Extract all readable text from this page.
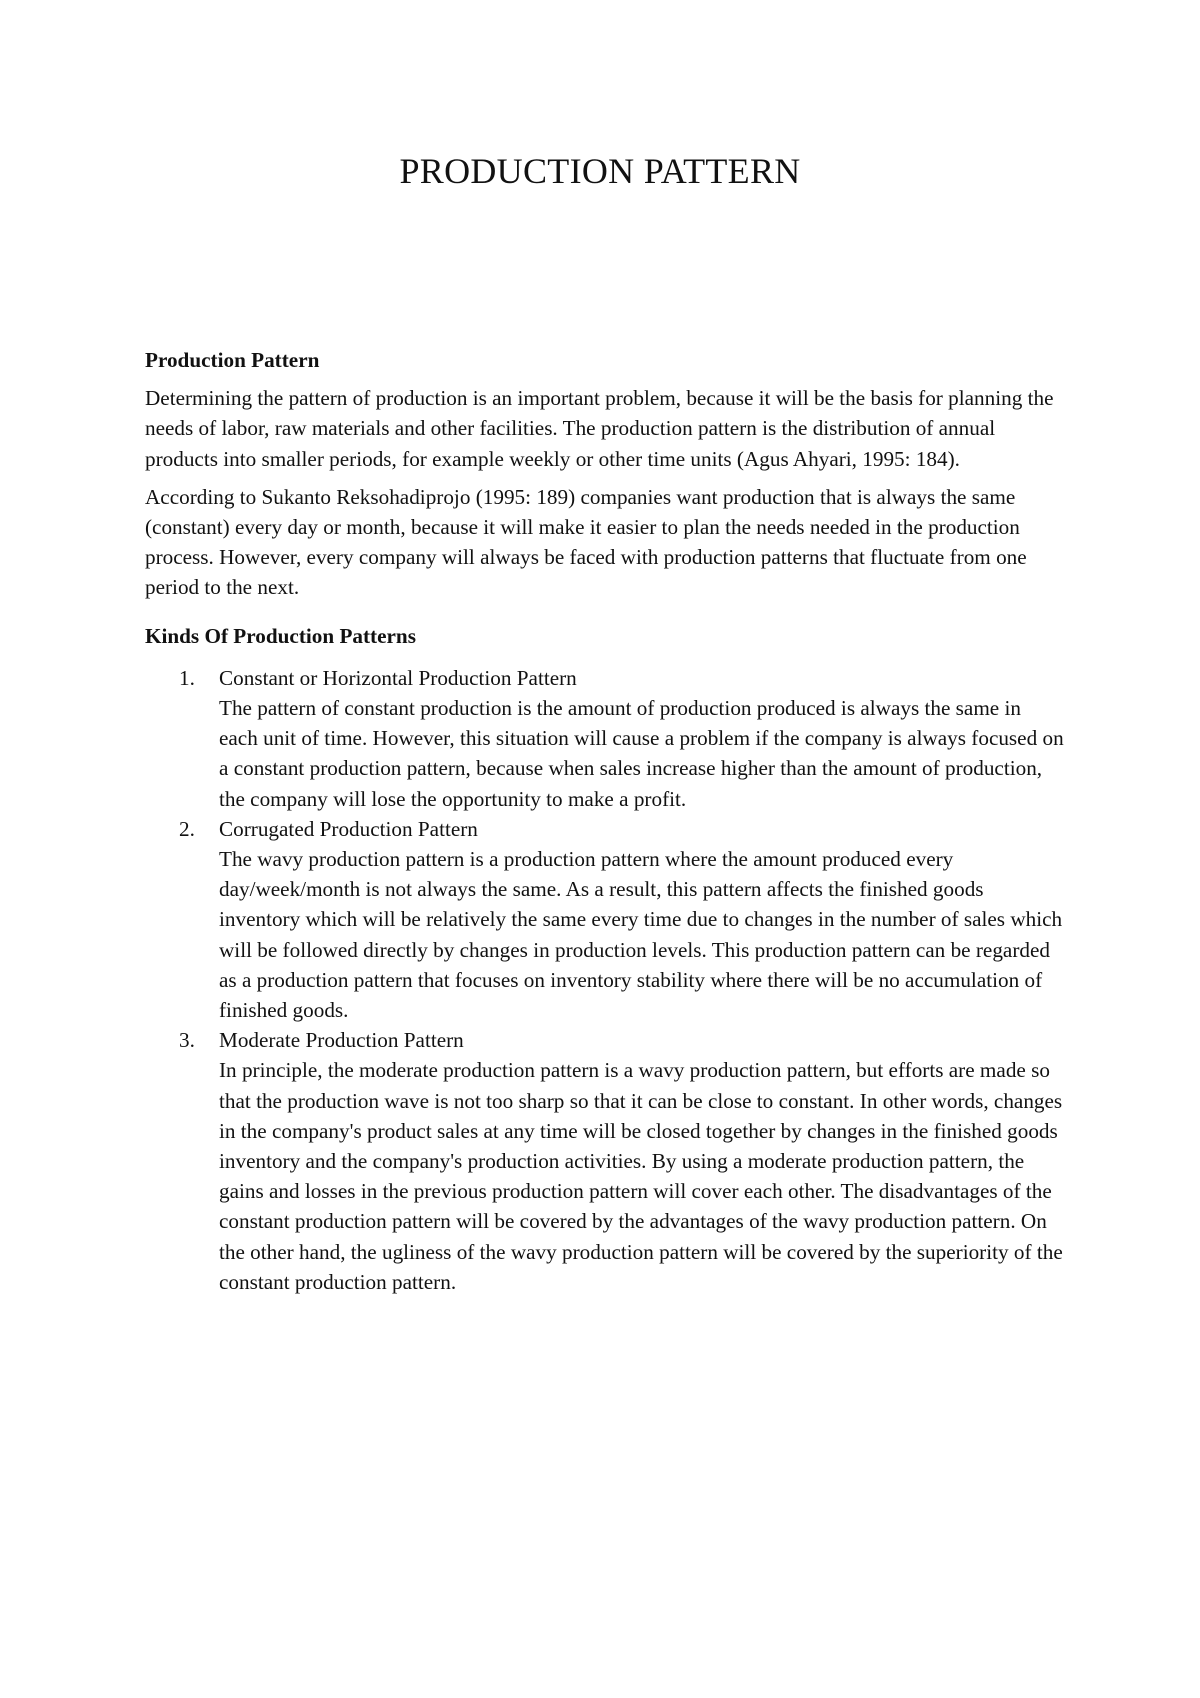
PRODUCTION PATTERN

Production Pattern

Determining the pattern of production is an important problem, because it will be the basis for planning the needs of labor, raw materials and other facilities. The production pattern is the distribution of annual products into smaller periods, for example weekly or other time units (Agus Ahyari, 1995: 184).

According to Sukanto Reksohadiprojo (1995: 189) companies want production that is always the same (constant) every day or month, because it will make it easier to plan the needs needed in the production process. However, every company will always be faced with production patterns that fluctuate from one period to the next.

Kinds Of Production Patterns

1. Constant or Horizontal Production Pattern
The pattern of constant production is the amount of production produced is always the same in each unit of time. However, this situation will cause a problem if the company is always focused on a constant production pattern, because when sales increase higher than the amount of production, the company will lose the opportunity to make a profit.
2. Corrugated Production Pattern
The wavy production pattern is a production pattern where the amount produced every day/week/month is not always the same. As a result, this pattern affects the finished goods inventory which will be relatively the same every time due to changes in the number of sales which will be followed directly by changes in production levels. This production pattern can be regarded as a production pattern that focuses on inventory stability where there will be no accumulation of finished goods.
3. Moderate Production Pattern
In principle, the moderate production pattern is a wavy production pattern, but efforts are made so that the production wave is not too sharp so that it can be close to constant. In other words, changes in the company's product sales at any time will be closed together by changes in the finished goods inventory and the company's production activities. By using a moderate production pattern, the gains and losses in the previous production pattern will cover each other. The disadvantages of the constant production pattern will be covered by the advantages of the wavy production pattern. On the other hand, the ugliness of the wavy production pattern will be covered by the superiority of the constant production pattern.
